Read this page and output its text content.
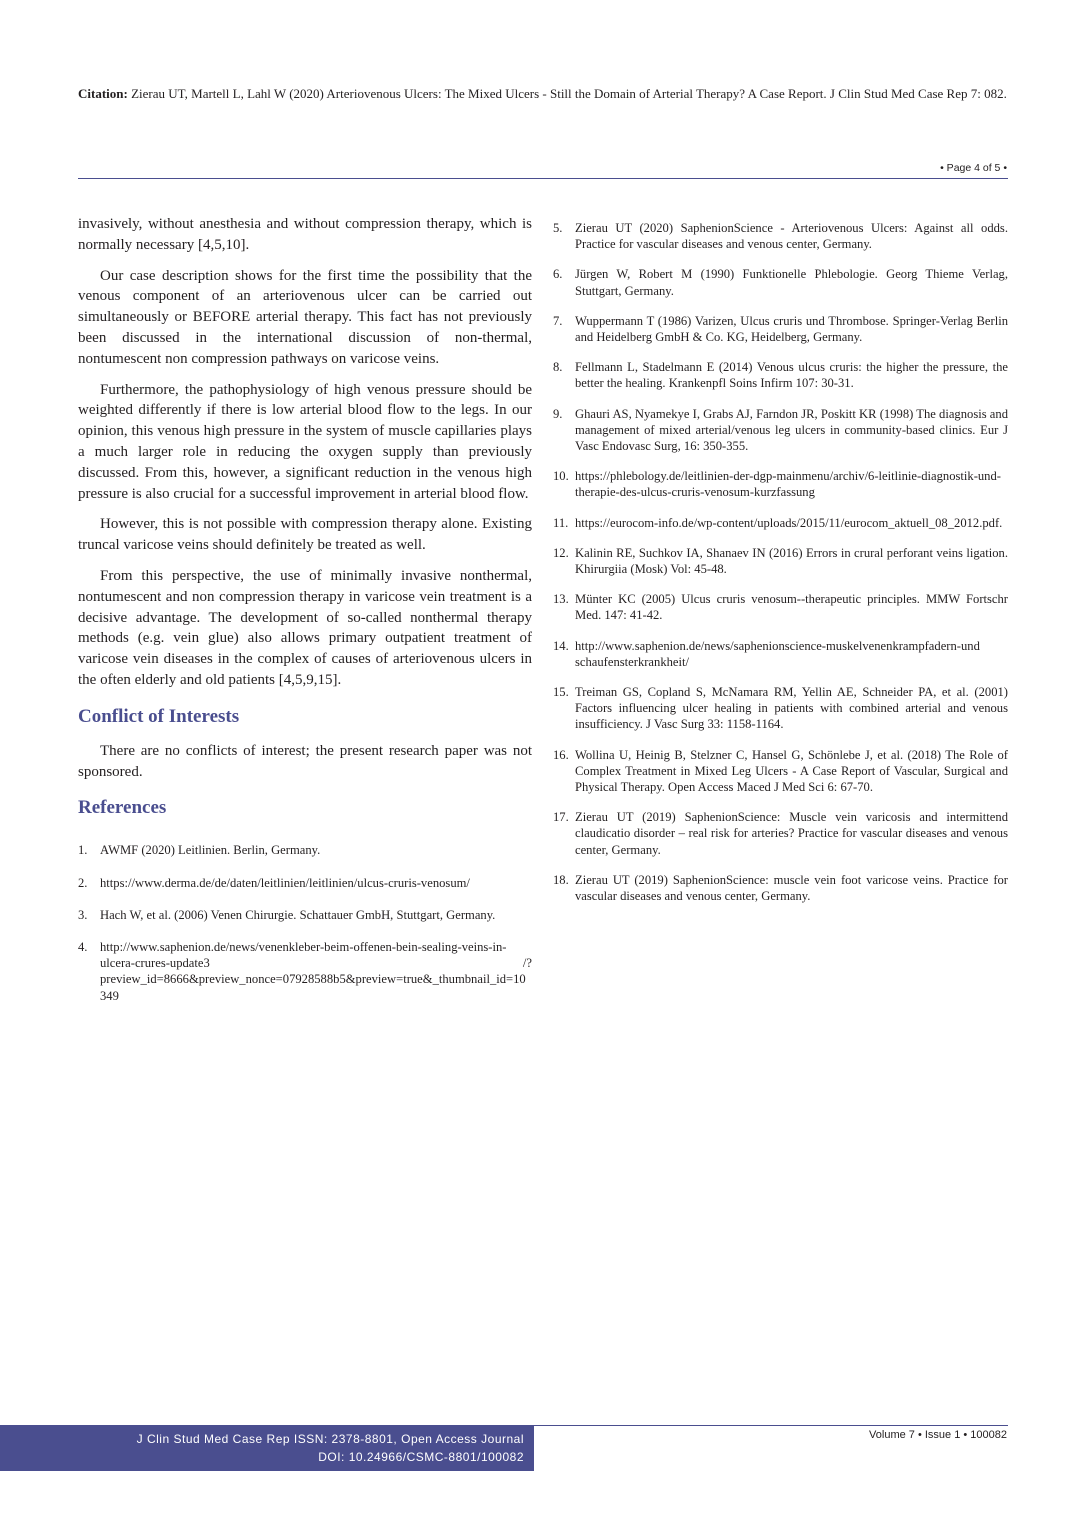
Citation: Zierau UT, Martell L, Lahl W (2020) Arteriovenous Ulcers: The Mixed Ulcers - Still the Domain of Arterial Therapy? A Case Report. J Clin Stud Med Case Rep 7: 082.
• Page 4 of 5 •

invasively, without anesthesia and without compression therapy, which is normally necessary [4,5,10].

Our case description shows for the first time the possibility that the venous component of an arteriovenous ulcer can be carried out simultaneously or BEFORE arterial therapy. This fact has not previously been discussed in the international discussion of non-thermal, nontumescent non compression pathways on varicose veins.

Furthermore, the pathophysiology of high venous pressure should be weighted differently if there is low arterial blood flow to the legs. In our opinion, this venous high pressure in the system of muscle capillaries plays a much larger role in reducing the oxygen supply than previously discussed. From this, however, a significant reduction in the venous high pressure is also crucial for a successful improvement in arterial blood flow.

However, this is not possible with compression therapy alone. Existing truncal varicose veins should definitely be treated as well.

From this perspective, the use of minimally invasive nonthermal, nontumescent and non compression therapy in varicose vein treatment is a decisive advantage. The development of so-called nonthermal therapy methods (e.g. vein glue) also allows primary outpatient treatment of varicose vein diseases in the complex of causes of arteriovenous ulcers in the often elderly and old patients [4,5,9,15].

Conflict of Interests

There are no conflicts of interest; the present research paper was not sponsored.

References
1. AWMF (2020) Leitlinien. Berlin, Germany.
2. https://www.derma.de/de/daten/leitlinien/leitlinien/ulcus-cruris-venosum/
3. Hach W, et al. (2006) Venen Chirurgie. Schattauer GmbH, Stuttgart, Germany.
4. http://www.saphenion.de/news/venenkleber-beim-offenen-bein-sealing-veins-in-ulcera-crures-update3 /?preview_id=8666&preview_nonce=07928588b5&preview=true&_thumbnail_id=10349
5. Zierau UT (2020) SaphenionScience - Arteriovenous Ulcers: Against all odds. Practice for vascular diseases and venous center, Germany.
6. Jürgen W, Robert M (1990) Funktionelle Phlebologie. Georg Thieme Verlag, Stuttgart, Germany.
7. Wuppermann T (1986) Varizen, Ulcus cruris und Thrombose. Springer-Verlag Berlin and Heidelberg GmbH & Co. KG, Heidelberg, Germany.
8. Fellmann L, Stadelmann E (2014) Venous ulcus cruris: the higher the pressure, the better the healing. Krankenpfl Soins Infirm 107: 30-31.
9. Ghauri AS, Nyamekye I, Grabs AJ, Farndon JR, Poskitt KR (1998) The diagnosis and management of mixed arterial/venous leg ulcers in community-based clinics. Eur J Vasc Endovasc Surg, 16: 350-355.
10. https://phlebology.de/leitlinien-der-dgp-mainmenu/archiv/6-leitlinie-diagnostik-und-therapie-des-ulcus-cruris-venosum-kurzfassung
11. https://eurocom-info.de/wp-content/uploads/2015/11/eurocom_aktuell_08_2012.pdf.
12. Kalinin RE, Suchkov IA, Shanaev IN (2016) Errors in crural perforant veins ligation. Khirurgiia (Mosk) Vol: 45-48.
13. Münter KC (2005) Ulcus cruris venosum--therapeutic principles. MMW Fortschr Med. 147: 41-42.
14. http://www.saphenion.de/news/saphenionscience-muskelvenenkrampfadern-und schaufensterkrankheit/
15. Treiman GS, Copland S, McNamara RM, Yellin AE, Schneider PA, et al. (2001) Factors influencing ulcer healing in patients with combined arterial and venous insufficiency. J Vasc Surg 33: 1158-1164.
16. Wollina U, Heinig B, Stelzner C, Hansel G, Schönlebe J, et al. (2018) The Role of Complex Treatment in Mixed Leg Ulcers - A Case Report of Vascular, Surgical and Physical Therapy. Open Access Maced J Med Sci 6: 67-70.
17. Zierau UT (2019) SaphenionScience: Muscle vein varicosis and intermittend claudicatio disorder – real risk for arteries? Practice for vascular diseases and venous center, Germany.
18. Zierau UT (2019) SaphenionScience: muscle vein foot varicose veins. Practice for vascular diseases and venous center, Germany.
J Clin Stud Med Case Rep ISSN: 2378-8801, Open Access Journal
DOI: 10.24966/CSMC-8801/100082
Volume 7 • Issue 1 • 100082
